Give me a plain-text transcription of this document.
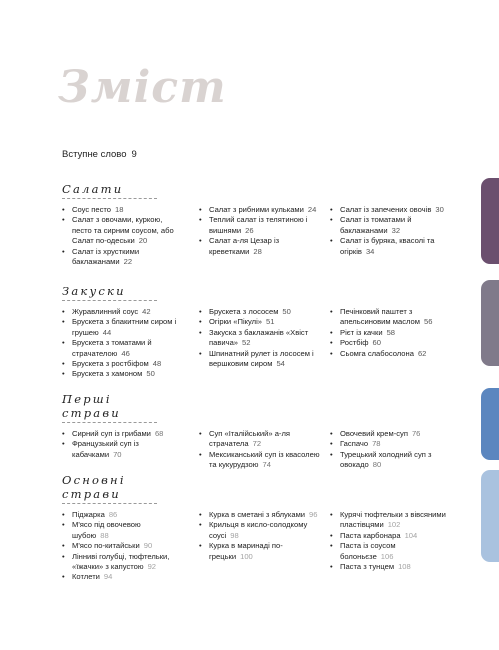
Зміст
Вступне слово 9
Салати

• Соус песто 18

• Салат з овочами, куркою, песто та сирним соусом, або Салат по-одеськи 20

• Салат із хрусткими баклажанами 22

• Салат з рибними кульками 24

• Теплий салат із телятиною і вишнями 26

• Салат а-ля Цезар із креветками 28

• Салат із запечених овочів 30

• Салат із томатами й баклажанами 32

• Салат із буряка, квасолі та огірків 34

Закуски

• Журавлинний соус 42

• Брускета з блакитним сиром і грушею 44

• Брускета з томатами й страчателою 46

• Брускета з ростбіфом 48

• Брускета з хамоном 50

• Брускета з лососем 50

• Огірки «Пікулі» 51

• Закуска з баклажанів «Хвіст павича» 52

• Шпинатний рулет із лососем і вершковим сиром 54

• Печінковий паштет з апельсиновим маслом 56

• Рієт із качки 58

• Ростбіф 60

• Сьомга слабосолона 62

Перші страви

• Сирний суп із грибами 68

• Французький суп із кабачками 70

• Суп «Італійський» а-ля страчатела 72

• Мексиканський суп із квасолею та кукурудзою 74

• Овочевий крем-суп 76

• Гаспачо 78

• Турецький холодний суп з овокадо 80

Основні страви

• Піджарка 86

• М'ясо під овочевою шубою 88

• М'ясо по-китайськи 90

• Лінниві голубці, тюфтельки, «їжачки» з капустою 92

• Котлети 94

• Курка в сметані з яблуками 96

• Крильця в кисло-солодкому соусі 98

• Курка в маринаді по-грецьки 100

• Курячі тюфтельки з вівсяними пластівцями 102

• Паста карбонара 104

• Паста із соусом болоньєзе 106

• Паста з тунцем 108
